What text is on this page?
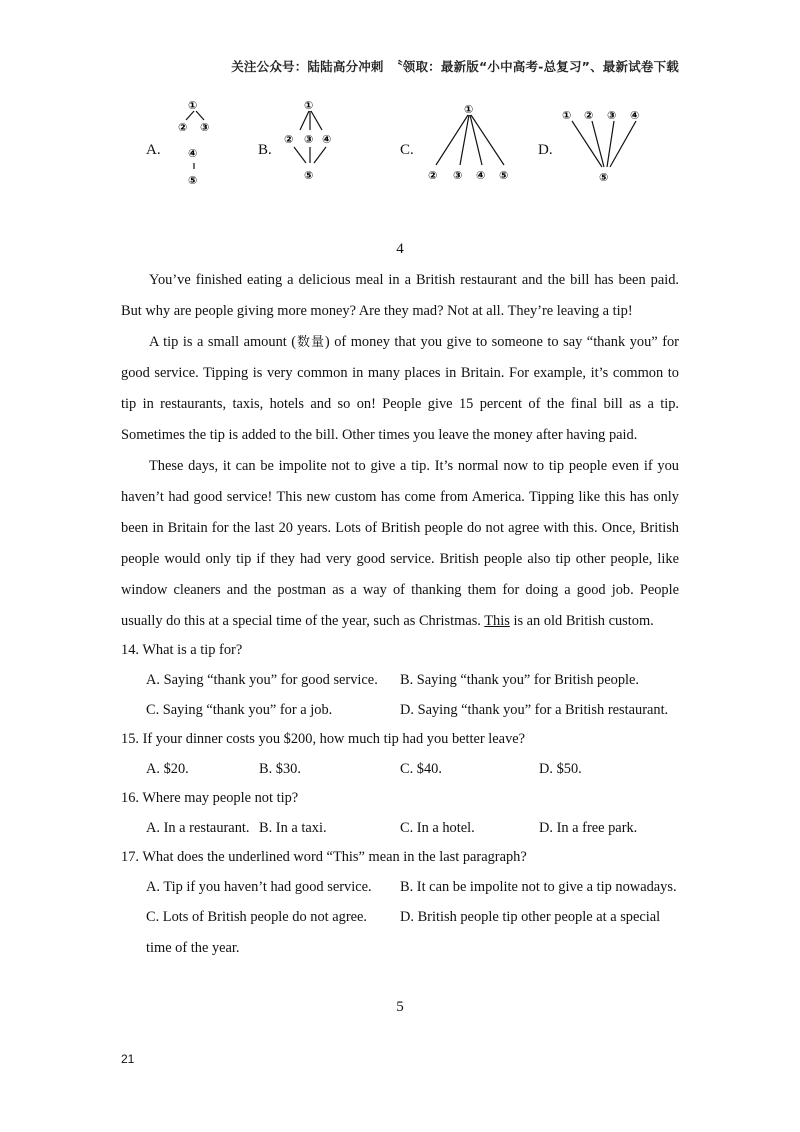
关注公众号：陆陆高分冲刺　〝领取：最新版“小中高考-总复习”、最新试卷下载
A.
①
② ③
④
⑤
B.
①
② ③ ④
⑤
C.
①
② ③ ④ ⑤
D.
① ② ③ ④
⑤
4

You’ve finished eating a delicious meal in a British restaurant and the bill has been paid. But why are people giving more money? Are they mad? Not at all. They’re leaving a tip!

A tip is a small amount (数量) of money that you give to someone to say “thank you” for good service. Tipping is very common in many places in Britain. For example, it’s common to tip in restaurants, taxis, hotels and so on! People give 15 percent of the final bill as a tip. Sometimes the tip is added to the bill. Other times you leave the money after having paid.

These days, it can be impolite not to give a tip. It’s normal now to tip people even if you haven’t had good service! This new custom has come from America. Tipping like this has only been in Britain for the last 20 years. Lots of British people do not agree with this. Once, British people would only tip if they had very good service. British people also tip other people, like window cleaners and the postman as a way of thanking them for doing a good job. People usually do this at a special time of the year, such as Christmas. This is an old British custom.

14. What is a tip for?
A. Saying “thank you” for good service. B. Saying “thank you” for British people.
C. Saying “thank you” for a job.	D. Saying “thank you” for a British restaurant.
15. If your dinner costs you $200, how much tip had you better leave?
A. $20.	B. $30.	C. $40.	D. $50.
16. Where may people not tip?
A. In a restaurant. B. In a taxi.	C. In a hotel.	D. In a free park.
17. What does the underlined word “This” mean in the last paragraph?
A. Tip if you haven’t had good service. B. It can be impolite not to give a tip nowadays.
C. Lots of British people do not agree. D. British people tip other people at a special
time of the year.
5
21
